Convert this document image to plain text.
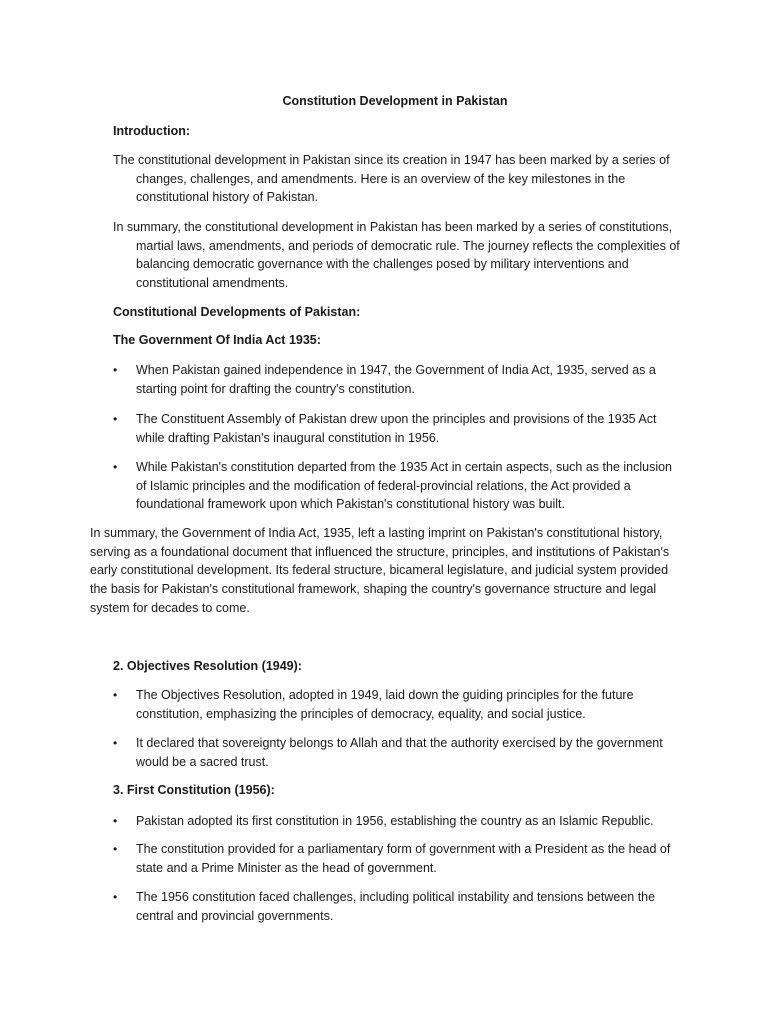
Constitution Development in Pakistan
Introduction:

The constitutional development in Pakistan since its creation in 1947 has been marked by a series of changes, challenges, and amendments. Here is an overview of the key milestones in the constitutional history of Pakistan.

In summary, the constitutional development in Pakistan has been marked by a series of constitutions, martial laws, amendments, and periods of democratic rule. The journey reflects the complexities of balancing democratic governance with the challenges posed by military interventions and constitutional amendments.

Constitutional Developments of Pakistan:
The Government Of India Act 1935:
•	When Pakistan gained independence in 1947, the Government of India Act, 1935, served as a starting point for drafting the country's constitution.
•	The Constituent Assembly of Pakistan drew upon the principles and provisions of the 1935 Act while drafting Pakistan's inaugural constitution in 1956.
•	While Pakistan's constitution departed from the 1935 Act in certain aspects, such as the inclusion of Islamic principles and the modification of federal-provincial relations, the Act provided a foundational framework upon which Pakistan's constitutional history was built.

In summary, the Government of India Act, 1935, left a lasting imprint on Pakistan's constitutional history, serving as a foundational document that influenced the structure, principles, and institutions of Pakistan's early constitutional development. Its federal structure, bicameral legislature, and judicial system provided the basis for Pakistan's constitutional framework, shaping the country's governance structure and legal system for decades to come.

2. Objectives Resolution (1949):
•	The Objectives Resolution, adopted in 1949, laid down the guiding principles for the future constitution, emphasizing the principles of democracy, equality, and social justice.
•	It declared that sovereignty belongs to Allah and that the authority exercised by the government would be a sacred trust.
3. First Constitution (1956):
•	Pakistan adopted its first constitution in 1956, establishing the country as an Islamic Republic.
•	The constitution provided for a parliamentary form of government with a President as the head of state and a Prime Minister as the head of government.
•	The 1956 constitution faced challenges, including political instability and tensions between the central and provincial governments.
